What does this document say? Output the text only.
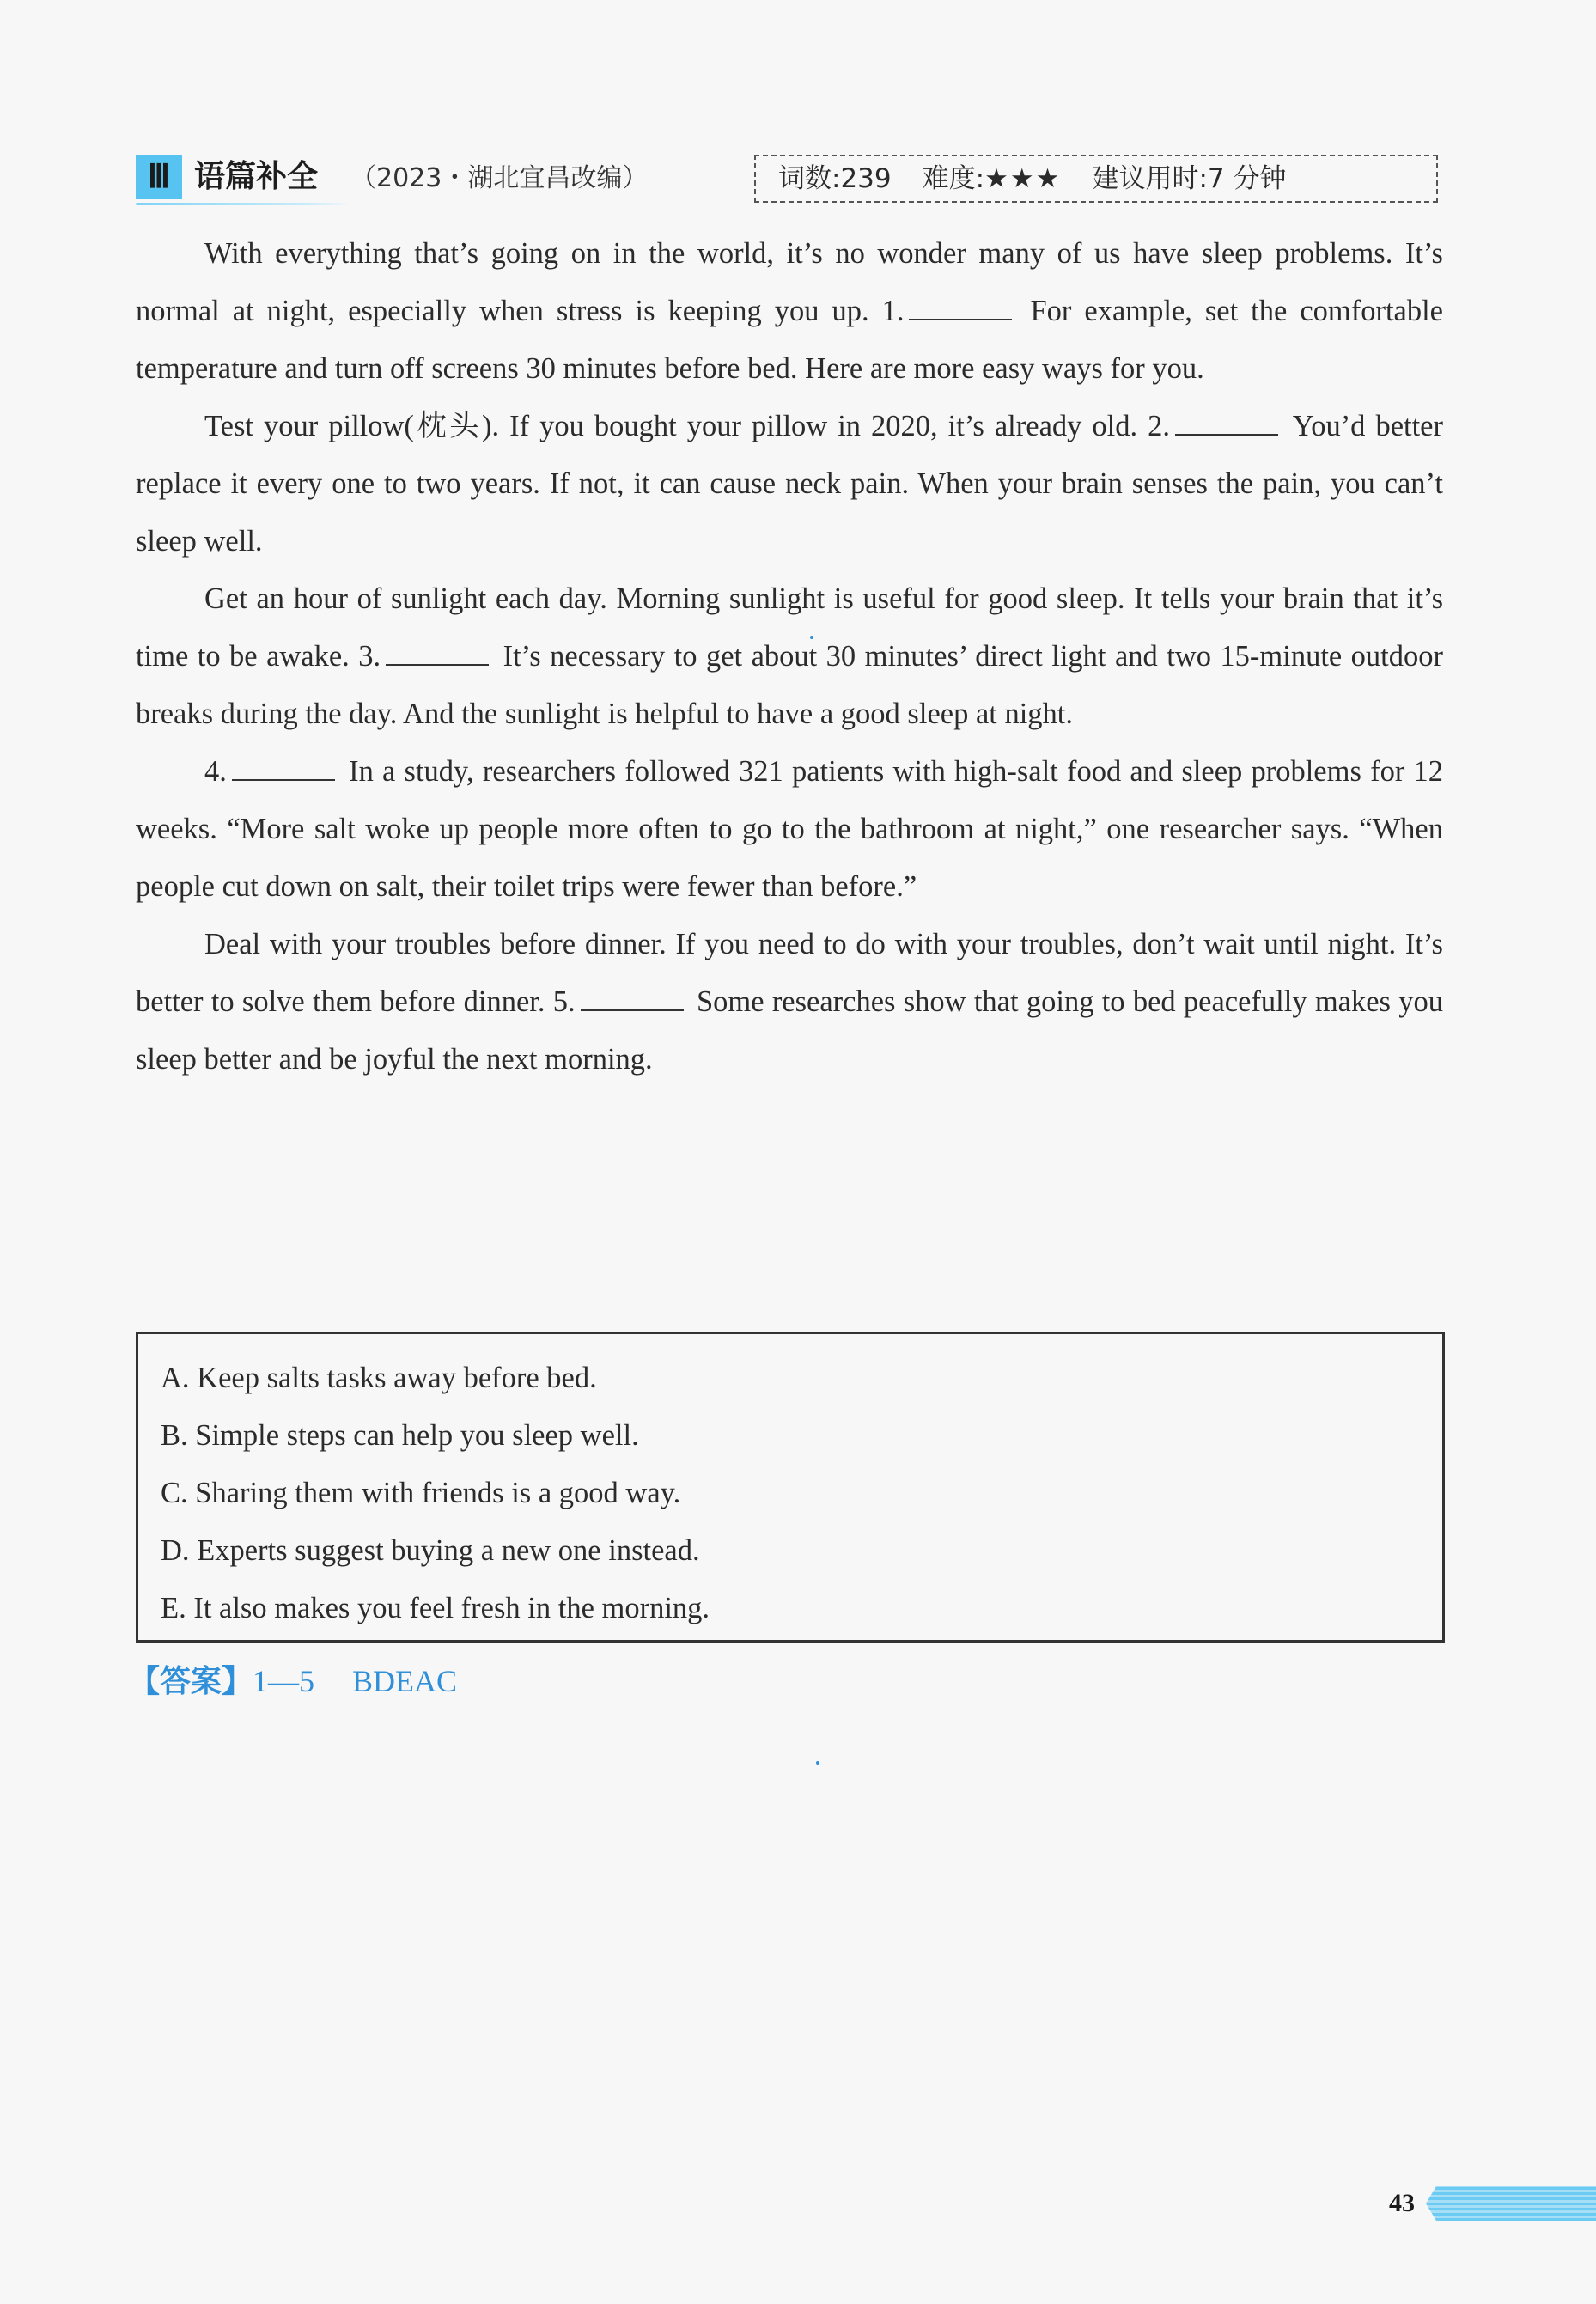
Ⅲ 语篇补全 （2023・湖北宜昌改编）	词数:239 难度:★★★ 建议用时:7 分钟

With everything that’s going on in the world, it’s no wonder many of us have sleep problems. It’s normal at night, especially when stress is keeping you up. 1.	For example, set the comfortable temperature and turn off screens 30 minutes before bed. Here are more easy ways for you.

Test your pillow(枕头). If you bought your pillow in 2020, it’s already old. 2.	You’d better replace it every one to two years. If not, it can cause neck pain. When your brain senses the pain, you can’t sleep well.

Get an hour of sunlight each day. Morning sunlight is useful for good sleep. It tells your brain that it’s time to be awake. 3.	It’s necessary to get about 30 minutes’ direct light and two 15-minute outdoor breaks during the day. And the sunlight is helpful to have a good sleep at night.

4.	In a study, researchers followed 321 patients with high-salt food and sleep problems for 12 weeks. “More salt woke up people more often to go to the bathroom at night,” one researcher says. “When people cut down on salt, their toilet trips were fewer than before.”

Deal with your troubles before dinner. If you need to do with your troubles, don’t wait until night. It’s better to solve them before dinner. 5.	Some researches show that going to bed peacefully makes you sleep better and be joyful the next morning.

A. Keep salts tasks away before bed.
B. Simple steps can help you sleep well.
C. Sharing them with friends is a good way.
D. Experts suggest buying a new one instead.
E. It also makes you feel fresh in the morning.
【答案】1—5 BDEAC
43
